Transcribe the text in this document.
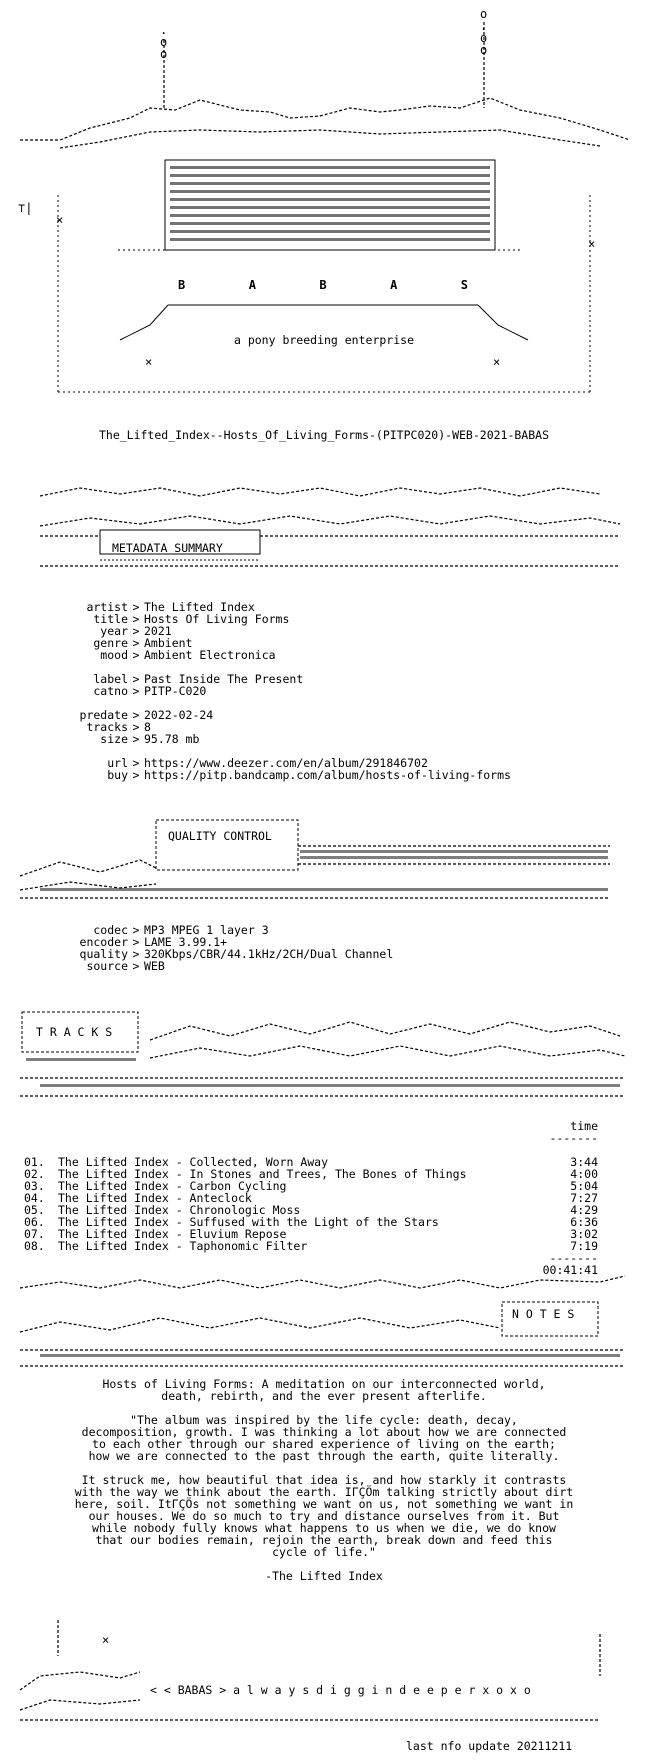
.
o
o
o
.
o
o
⊤|
×
×
×	×
B	A	B	A	S
a pony breeding enterprise
The_Lifted_Index--Hosts_Of_Living_Forms-(PITPC020)-WEB-2021-BABAS
METADATA SUMMARY
artist > The Lifted Index
title > Hosts Of Living Forms
year > 2021
genre > Ambient
mood > Ambient Electronica
label > Past Inside The Present
catno > PITP-C020
predate > 2022-02-24
tracks > 8
size > 95.78 mb
url > https://www.deezer.com/en/album/291846702
buy > https://pitp.bandcamp.com/album/hosts-of-living-forms
QUALITY CONTROL
codec > MP3 MPEG 1 layer 3
encoder > LAME 3.99.1+
quality > 320Kbps/CBR/44.1kHz/2CH/Dual Channel
source > WEB
T R A C K S
time
-------
01.	The Lifted Index - Collected, Worn Away	3:44
02.	The Lifted Index - In Stones and Trees, The Bones of Things	4:00
03.	The Lifted Index - Carbon Cycling	5:04
04.	The Lifted Index - Anteclock	7:27
05.	The Lifted Index - Chronologic Moss	4:29
06.	The Lifted Index - Suffused with the Light of the Stars	6:36
07.	The Lifted Index - Eluvium Repose	3:02
08.	The Lifted Index - Taphonomic Filter	7:19
-------
00:41:41
N O T E S

Hosts of Living Forms: A meditation on our interconnected world,
death, rebirth, and the ever present afterlife.

"The album was inspired by the life cycle: death, decay,
decomposition, growth. I was thinking a lot about how we are connected
to each other through our shared experience of living on the earth;
how we are connected to the past through the earth, quite literally.

It struck me, how beautiful that idea is, and how starkly it contrasts
with the way we think about the earth. IΓÇÖm talking strictly about dirt
here, soil. ItΓÇÖs not something we want on us, not something we want in
our houses. We do so much to try and distance ourselves from it. But
while nobody fully knows what happens to us when we die, we do know
that our bodies remain, rejoin the earth, break down and feed this
cycle of life."

-The Lifted Index

×
< < BABAS > a l w a y s d i g g i n d e e p e r x o x o
last nfo update 20211211
